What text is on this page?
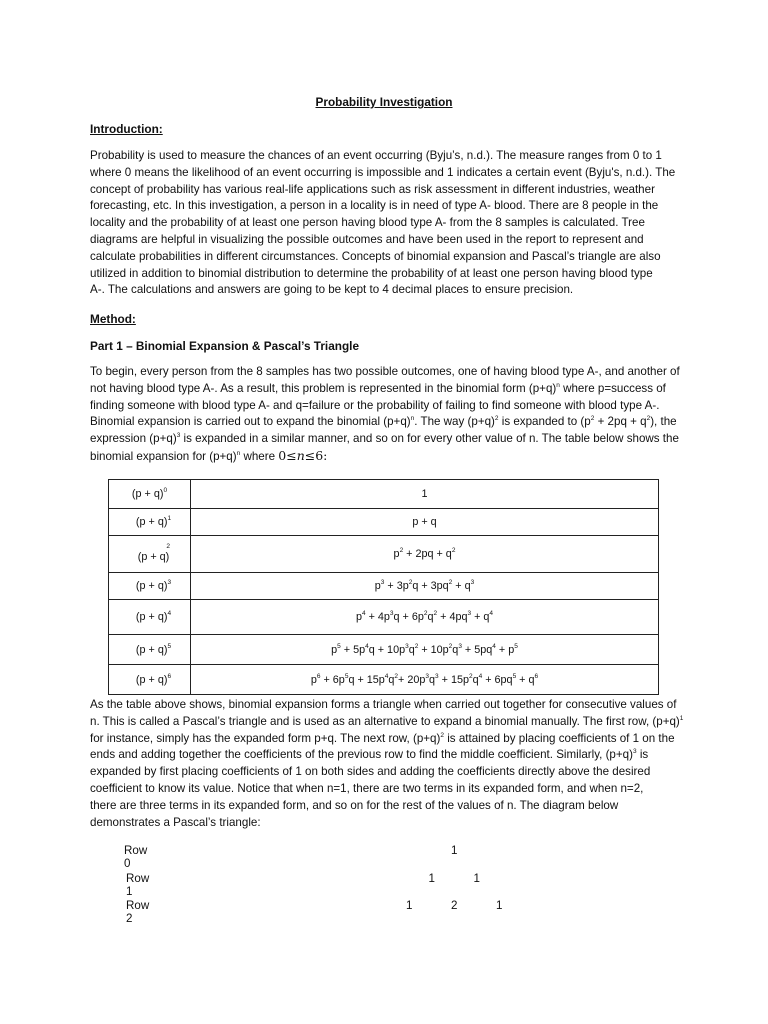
Probability Investigation
Introduction:
Probability is used to measure the chances of an event occurring (Byju’s, n.d.). The measure ranges from 0 to 1
where 0 means the likelihood of an event occurring is impossible and 1 indicates a certain event (Byju's, n.d.). The
concept of probability has various real-life applications such as risk assessment in different industries, weather
forecasting, etc. In this investigation, a person in a locality is in need of type A- blood. There are 8 people in the
locality and the probability of at least one person having blood type A- from the 8 samples is calculated. Tree
diagrams are helpful in visualizing the possible outcomes and have been used in the report to represent and
calculate probabilities in different circumstances. Concepts of binomial expansion and Pascal’s triangle are also
utilized in addition to binomial distribution to determine the probability of at least one person having blood type
A-. The calculations and answers are going to be kept to 4 decimal places to ensure precision.
Method:
Part 1 – Binomial Expansion & Pascal’s Triangle
To begin, every person from the 8 samples has two possible outcomes, one of having blood type A-, and another of
not having blood type A-. As a result, this problem is represented in the binomial form $(p+q)^n$ where p=success of
finding someone with blood type A- and q=failure or the probability of failing to find someone with blood type A-.
Binomial expansion is carried out to expand the binomial $(p+q)^n$. The way $(p+q)^2$ is expanded to $(p^2 + 2pq + q^2)$, the
expression $(p+q)^3$ is expanded in a similar manner, and so on for every other value of n. The table below shows the
binomial expansion for $(p+q)^n$ where 0≤𝑛≤6:
$(p + q)^0$	1
$(p + q)^1$	p + q

2
(p + q)	$p^2 + 2pq + q^2$
$(p + q)^3$	$p^3 + 3p^2q + 3pq^2 + q^3$
$(p + q)^4$	$p^4 + 4p^3q + 6p^2q^2 + 4pq^3 + q^4$
$(p + q)^5$	$p^5 + 5p^4q + 10p^3q^2 + 10p^2q^3 + 5pq^4 + p^5$
$(p + q)^6$	$p^6 + 6p^5q + 15p^4q^2+ 20p^3q^3 + 15p^2q^4 + 6pq^5 + q^6$
As the table above shows, binomial expansion forms a triangle when carried out together for consecutive values of
n. This is called a Pascal’s triangle and is used as an alternative to expand a binomial manually. The first row, $(p+q)^1$
for instance, simply has the expanded form p+q. The next row, $(p+q)^2$ is attained by placing coefficients of 1 on the
ends and adding together the coefficients of the previous row to find the middle coefficient. Similarly, $(p+q)^3$ is
expanded by first placing coefficients of 1 on both sides and adding the coefficients directly above the desired
coefficient to know its value. Notice that when n=1, there are two terms in its expanded form, and when n=2,
there are three terms in its expanded form, and so on for the rest of the values of n. The diagram below
demonstrates a Pascal’s triangle:
Row 0
1
Row 1
1	1
Row 2
1	2	1
